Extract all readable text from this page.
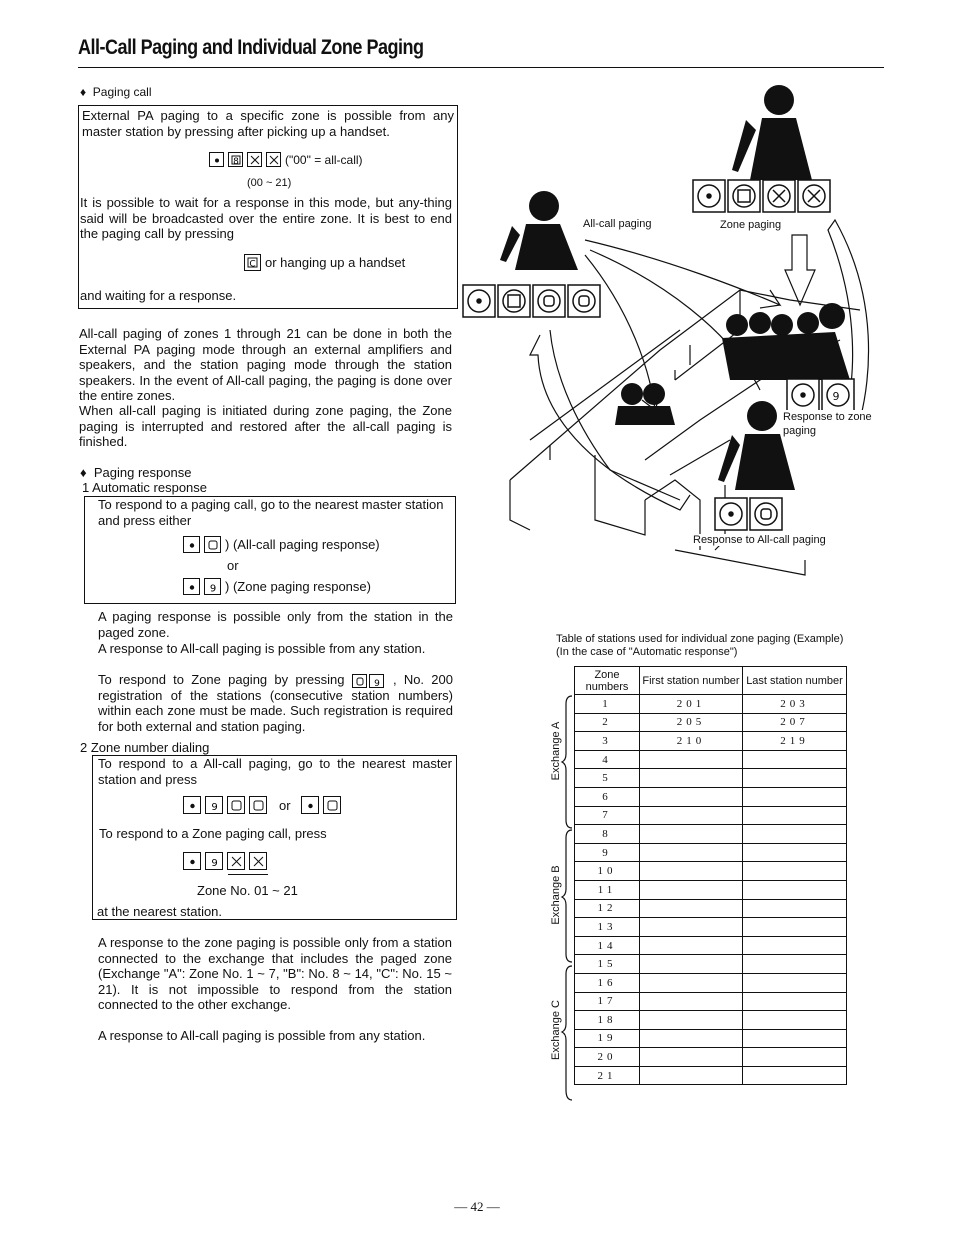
All-Call Paging and Individual Zone Paging
♦ Paging call
External PA paging to a specific zone is possible from any master station by pressing after picking up a handset.
8	("00" = all-call)
(00 ~ 21)
It is possible to wait for a response in this mode, but any-thing said will be broadcasted over the entire zone. It is best to end the paging call by pressing
C or hanging up a handset
and waiting for a response.
All-call paging of zones 1 through 21 can be done in both the External PA paging mode through an external amplifiers and speakers, and the station paging mode through the station speakers. In the event of All-call paging, the paging is done over the entire zones.
When all-call paging is initiated during zone paging, the Zone paging is interrupted and restored after the all-call paging is finished.
♦ Paging response
1 Automatic response
To respond to a paging call, go to the nearest master station and press either
) (All-call paging response)
or
9 ) (Zone paging response)
A paging response is possible only from the station in the paged zone.
A response to All-call paging is possible from any station.
To respond to Zone paging by pressing	9 , No. 200 registration of the stations (consecutive station numbers) within each zone must be made. Such registration is required for both external and station paging.
2 Zone number dialing
To respond to a All-call paging, go to the nearest master station and press
9	or
To respond to a Zone paging call, press
9
Zone No. 01 ~ 21
at the nearest station.
A response to the zone paging is possible only from a station connected to the exchange that includes the paged zone (Exchange "A": Zone No. 1 ~ 7, "B": No. 8 ~ 14, "C": No. 15 ~ 21). It is not impossible to respond from the station connected to the other exchange.
A response to All-call paging is possible from any station.
9
All-call paging	Zone paging
Response to zone paging
Response to All-call paging
Table of stations used for individual zone paging (Example)
(In the case of "Automatic response")
Zone numbers	First station number	Last station number
1	201	203
2	205	207
3	210	219
4		
5		
6		
7		
8		
9		
10		
11		
12		
13		
14		
15		
16		
17		
18		
19		
20		
21		
Exchange A
Exchange B
Exchange C
— 42 —
